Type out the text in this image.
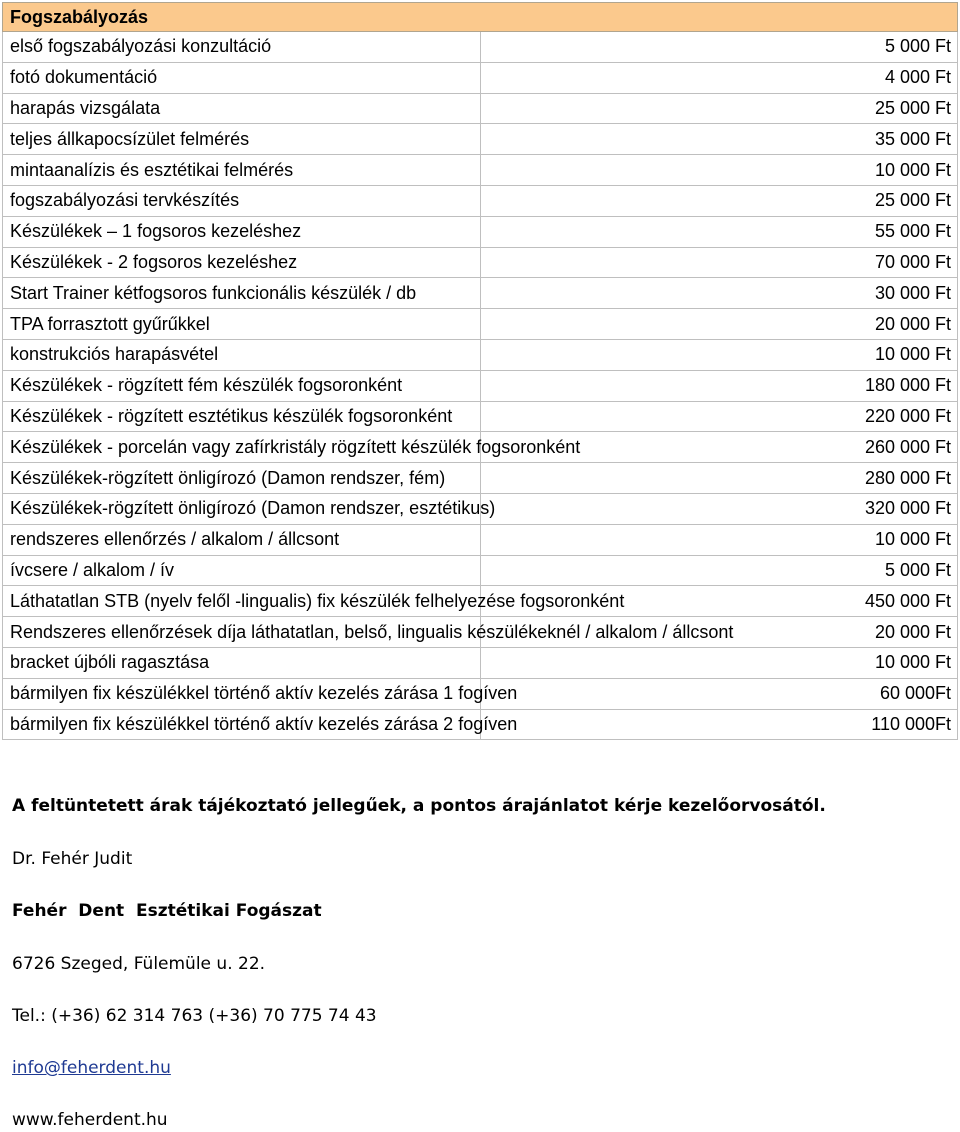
Fogszabályozás	
első fogszabályozási konzultáció	5 000 Ft
fotó dokumentáció	4 000 Ft
harapás vizsgálata	25 000 Ft
teljes állkapocsízület felmérés	35 000 Ft
mintaanalízis és esztétikai felmérés	10 000 Ft
fogszabályozási tervkészítés	25 000 Ft
Készülékek – 1 fogsoros kezeléshez	55 000 Ft
Készülékek - 2 fogsoros kezeléshez	70 000 Ft
Start Trainer kétfogsoros funkcionális készülék / db	30 000 Ft
TPA forrasztott gyűrűkkel	20 000 Ft
konstrukciós harapásvétel	10 000 Ft
Készülékek - rögzített fém készülék fogsoronként	180 000 Ft
Készülékek - rögzített esztétikus készülék fogsoronként	220 000 Ft
Készülékek - porcelán vagy zafírkristály rögzített készülék fogsoronként	260 000 Ft
Készülékek-rögzített önligírozó (Damon rendszer, fém)	280 000 Ft
Készülékek-rögzített önligírozó (Damon rendszer, esztétikus)	320 000 Ft
rendszeres ellenőrzés / alkalom / állcsont	10 000 Ft
ívcsere / alkalom / ív	5 000 Ft
Láthatatlan STB (nyelv felől -lingualis) fix készülék felhelyezése fogsoronként	450 000 Ft
Rendszeres ellenőrzések díja láthatatlan, belső, lingualis készülékeknél / alkalom / állcsont	20 000 Ft
bracket újbóli ragasztása	10 000 Ft
bármilyen fix készülékkel történő aktív kezelés zárása 1 fogíven	60 000Ft
bármilyen fix készülékkel történő aktív kezelés zárása 2 fogíven	110 000Ft
A feltüntetett árak tájékoztató jellegűek, a pontos árajánlatot kérje kezelőorvosától.
Dr. Fehér Judit
Fehér  Dent  Esztétikai Fogászat
6726 Szeged, Fülemüle u. 22.
Tel.: (+36) 62 314 763 (+36) 70 775 74 43
info@feherdent.hu
www.feherdent.hu
